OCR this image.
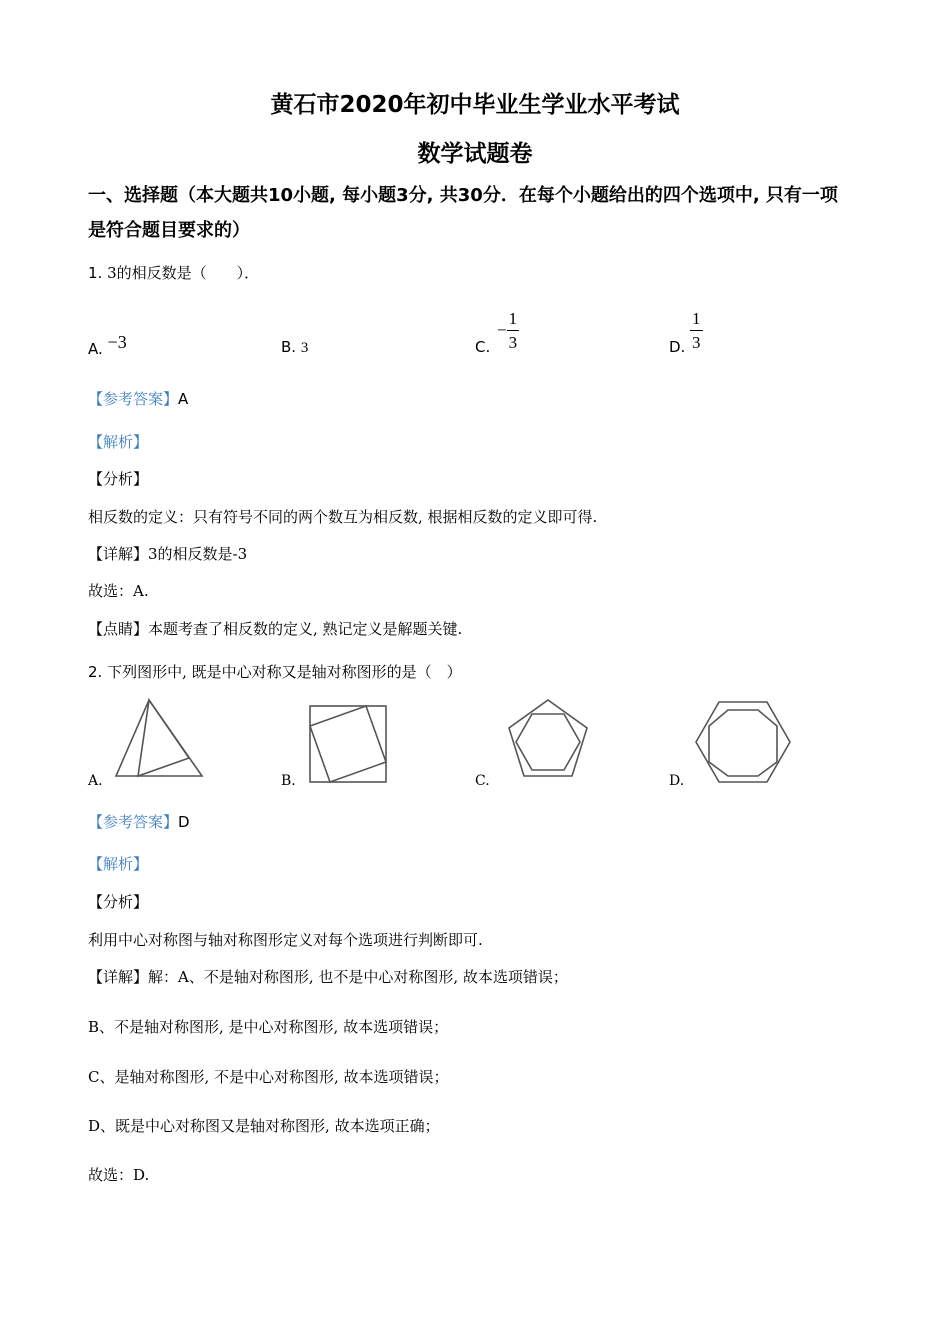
黄石市2020年初中毕业生学业水平考试
数学试题卷
一、选择题（本大题共10小题, 每小题3分, 共30分．在每个小题给出的四个选项中, 只有一项
是符合题目要求的）
1. 3的相反数是（　　）．
A. −3	B. 3	C.
− $\frac{1}{3}$	D. $\frac{1}{3}$
【参考答案】A
【解析】
【分析】
相反数的定义：只有符号不同的两个数互为相反数, 根据相反数的定义即可得.
【详解】3的相反数是-3
故选：A.
【点睛】本题考查了相反数的定义, 熟记定义是解题关键.
2. 下列图形中, 既是中心对称又是轴对称图形的是（　）
A.	B.	C.	D.
【参考答案】D
【解析】
【分析】
利用中心对称图与轴对称图形定义对每个选项进行判断即可.
【详解】解：A、不是轴对称图形, 也不是中心对称图形, 故本选项错误；
B、不是轴对称图形, 是中心对称图形, 故本选项错误；
C、是轴对称图形, 不是中心对称图形, 故本选项错误；
D、既是中心对称图又是轴对称图形, 故本选项正确；
故选：D.
